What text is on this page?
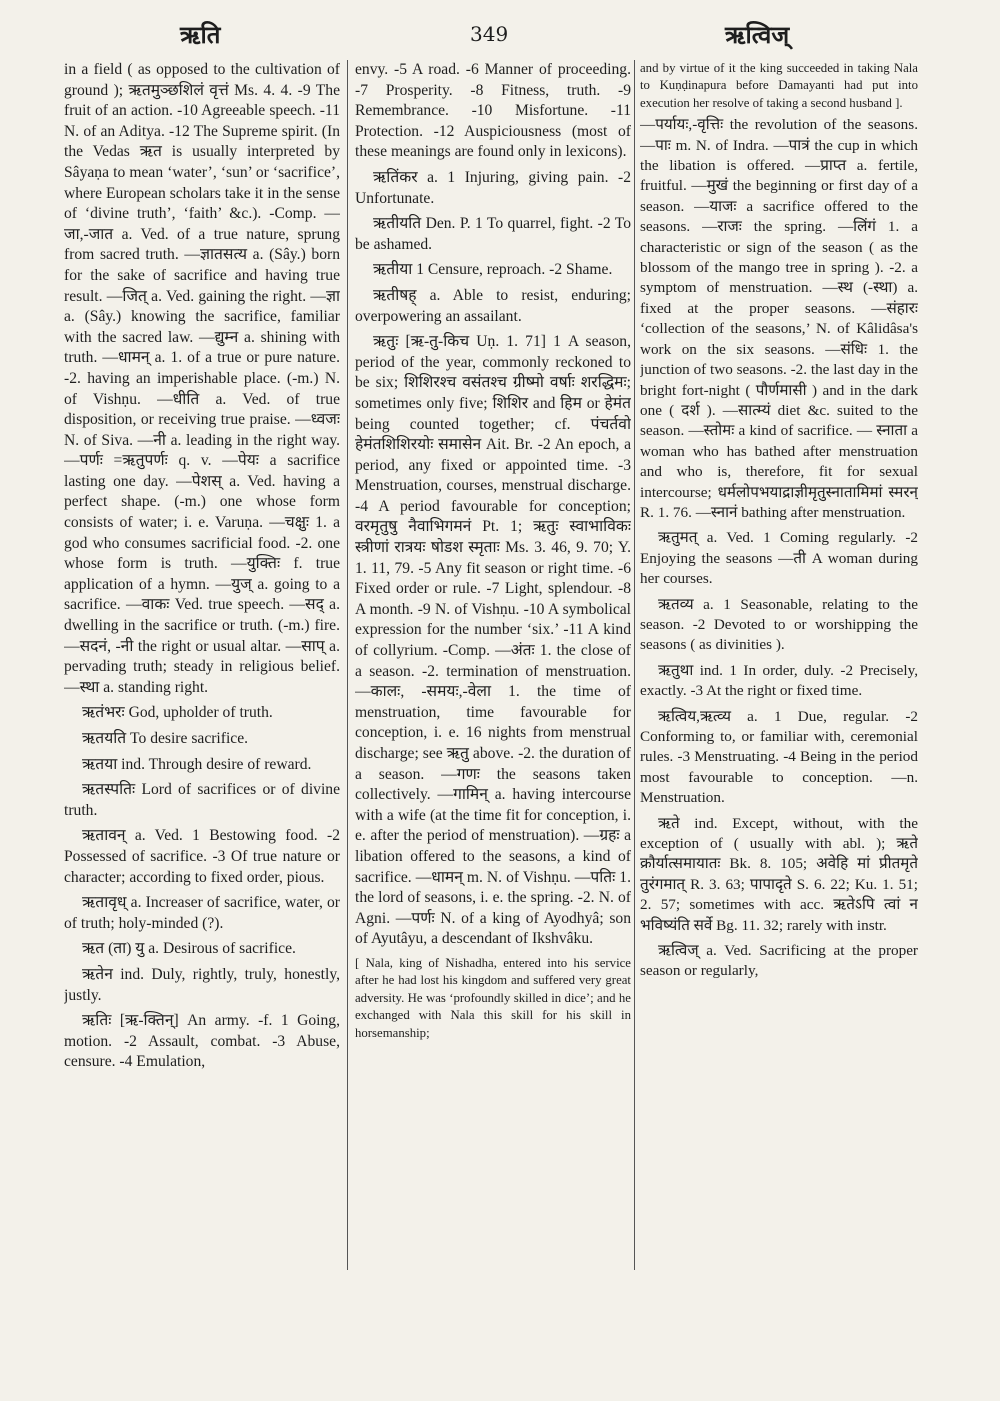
ऋति	349	ऋत्विज्

in a field ( as opposed to the cultivation of ground ); ऋतमुञ्छशिलं वृत्तं Ms. 4. 4. -9 The fruit of an action. -10 Agreeable speech. -11 N. of an Aditya. -12 The Supreme spirit. (In the Vedas ऋत is usually interpreted by Sâyaṇa to mean ‘water’, ‘sun’ or ‘sacrifice’, where European scholars take it in the sense of ‘divine truth’, ‘faith’ &c.). -Comp. —जा,-जात a. Ved. of a true nature, sprung from sacred truth. —ज्ञातसत्य a. (Sây.) born for the sake of sacrifice and having true result. —जित् a. Ved. gaining the right. —ज्ञा a. (Sây.) knowing the sacrifice, familiar with the sacred law. —द्युम्न a. shining with truth. —धामन् a. 1. of a true or pure nature. -2. having an imperishable place. (-m.) N. of Vishṇu. —धीति a. Ved. of true disposition, or receiving true praise. —ध्वजः N. of Siva. —नी a. leading in the right way. —पर्णः =ऋतुपर्णः q. v. —पेयः a sacrifice lasting one day. —पेशस् a. Ved. having a perfect shape. (-m.) one whose form consists of water; i. e. Varuṇa. —चक्षुः 1. a god who consumes sacrificial food. -2. one whose form is truth. —युक्तिः f. true application of a hymn. —युज् a. going to a sacrifice. —वाकः Ved. true speech. —सद् a. dwelling in the sacrifice or truth. (-m.) fire. —सदनं, -नी the right or usual altar. —साप् a. pervading truth; steady in religious belief. —स्था a. standing right.

ऋतंभरः God, upholder of truth.

ऋतयति To desire sacrifice.

ऋतया ind. Through desire of reward.

ऋतस्पतिः Lord of sacrifices or of divine truth.

ऋतावन् a. Ved. 1 Bestowing food. -2 Possessed of sacrifice. -3 Of true nature or character; according to fixed order, pious.

ऋतावृध् a. Increaser of sacrifice, water, or of truth; holy-minded (?).

ऋत (ता) यु a. Desirous of sacrifice.

ऋतेन ind. Duly, rightly, truly, honestly, justly.

ऋतिः [ऋ-क्तिन्] An army. -f. 1 Going, motion. -2 Assault, combat. -3 Abuse, censure. -4 Emulation,

envy. -5 A road. -6 Manner of proceeding. -7 Prosperity. -8 Fitness, truth. -9 Remembrance. -10 Misfortune. -11 Protection. -12 Auspiciousness (most of these meanings are found only in lexicons).

ऋतिंकर a. 1 Injuring, giving pain. -2 Unfortunate.

ऋतीयति Den. P. 1 To quarrel, fight. -2 To be ashamed.

ऋतीया 1 Censure, reproach. -2 Shame.

ऋतीषह् a. Able to resist, enduring; overpowering an assailant.

ऋतुः [ऋ-तु-किच Uṇ. 1. 71] 1 A season, period of the year, commonly reckoned to be six; शिशिरश्च वसंतश्च ग्रीष्मो वर्षाः शरद्धिमः; sometimes only five; शिशिर and हिम or हेमंत being counted together; cf. पंचर्तवो हेमंतशिशिरयोः समासेन Ait. Br. -2 An epoch, a period, any fixed or appointed time. -3 Menstruation, courses, menstrual discharge. -4 A period favourable for conception; वरमृतुषु नैवाभिगमनं Pt. 1; ऋतुः स्वाभाविकः स्त्रीणां रात्रयः षोडश स्मृताः Ms. 3. 46, 9. 70; Y. 1. 11, 79. -5 Any fit season or right time. -6 Fixed order or rule. -7 Light, splendour. -8 A month. -9 N. of Vishṇu. -10 A symbolical expression for the number ‘six.’ -11 A kind of collyrium. -Comp. —अंतः 1. the close of a season. -2. termination of menstruation. —कालः, -समयः,-वेला 1. the time of menstruation, time favourable for conception, i. e. 16 nights from menstrual discharge; see ऋतु above. -2. the duration of a season. —गणः the seasons taken collectively. —गामिन् a. having intercourse with a wife (at the time fit for conception, i. e. after the period of menstruation). —ग्रहः a libation offered to the seasons, a kind of sacrifice. —धामन् m. N. of Vishṇu. —पतिः 1. the lord of seasons, i. e. the spring. -2. N. of Agni. —पर्णः N. of a king of Ayodhyâ; son of Ayutâyu, a descendant of Ikshvâku.

[ Nala, king of Nishadha, entered into his service after he had lost his kingdom and suffered very great adversity. He was ‘profoundly skilled in dice’; and he exchanged with Nala this skill for his skill in horsemanship;

and by virtue of it the king succeeded in taking Nala to Kuṇḍinapura before Damayanti had put into execution her resolve of taking a second husband ].

—पर्यायः,-वृत्तिः the revolution of the seasons. —पाः m. N. of Indra. —पात्रं the cup in which the libation is offered. —प्राप्त a. fertile, fruitful. —मुखं the beginning or first day of a season. —याजः a sacrifice offered to the seasons. —राजः the spring. —लिंगं 1. a characteristic or sign of the season ( as the blossom of the mango tree in spring ). -2. a symptom of menstruation. —स्थ (-स्था) a. fixed at the proper seasons. —संहारः ‘collection of the seasons,’ N. of Kâlidâsa's work on the six seasons. —संधिः 1. the junction of two seasons. -2. the last day in the bright fort-night ( पौर्णमासी ) and in the dark one ( दर्श ). —सात्म्यं diet &c. suited to the season. —स्तोमः a kind of sacrifice. — स्नाता a woman who has bathed after menstruation and who is, therefore, fit for sexual intercourse; धर्मलोपभयाद्राज्ञीमृतुस्नातामिमां स्मरन् R. 1. 76. —स्नानं bathing after menstruation.

ऋतुमत् a. Ved. 1 Coming regularly. -2 Enjoying the seasons —ती A woman during her courses.

ऋतव्य a. 1 Seasonable, relating to the season. -2 Devoted to or worshipping the seasons ( as divinities ).

ऋतुथा ind. 1 In order, duly. -2 Precisely, exactly. -3 At the right or fixed time.

ऋत्विय,ऋत्व्य a. 1 Due, regular. -2 Conforming to, or familiar with, ceremonial rules. -3 Menstruating. -4 Being in the period most favourable to conception. —n. Menstruation.

ऋते ind. Except, without, with the exception of ( usually with abl. ); ऋते क्रौर्यात्समायातः Bk. 8. 105; अवेहि मां प्रीतमृते तुरंगमात् R. 3. 63; पापादृते S. 6. 22; Ku. 1. 51; 2. 57; sometimes with acc. ऋतेऽपि त्वां न भविष्यंति सर्वे Bg. 11. 32; rarely with instr.

ऋत्विज् a. Ved. Sacrificing at the proper season or regularly,
